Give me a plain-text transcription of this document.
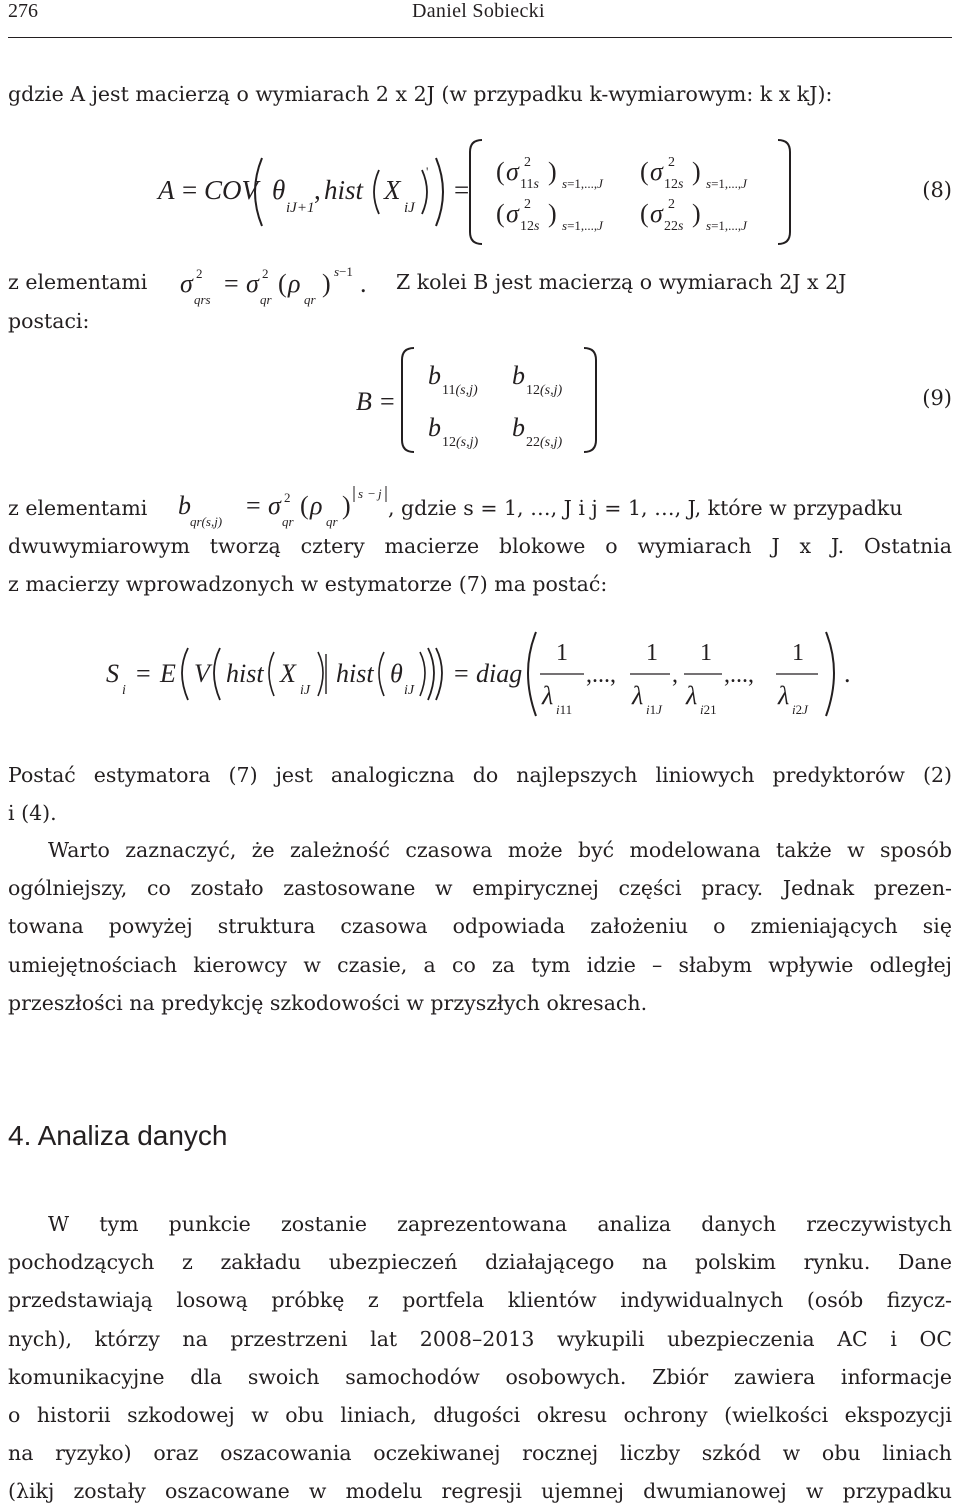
276	Daniel Sobiecki
gdzie A jest macierzą o wymiarach 2 x 2J (w przypadku k-wymiarowym: k x kJ):
A = COV θ
iJ+1
, hist X
iJ
'
=
( σ 2
11s ) s=1,...,J ( σ 2
12s ) s=1,...,J
( σ 2
12s ) s=1,...,J ( σ 2
22s ) s=1,...,J
(8)
z elementami σ 2
qrs
= σ 2
qr
( ρ
qr
) s−1 . Z kolei B jest macierzą o wymiarach 2J x 2J
postaci:
B =
b
11(s,j)
b
12(s,j)
b
12(s,j)
b
22(s,j)
(9)
z elementami b
qr(s,j)
= σ 2
qr
( ρ
qr
) s − j
, gdzie s = 1, …, J i j = 1, …, J, które w przypadku
dwuwymiarowym tworzą cztery macierze blokowe o wymiarach J x J. Ostatnia
z macierzy wprowadzonych w estymatorze (7) ma postać:
S
i
= E V hist X
iJ
hist θ
iJ
= diag
1
λ i11
,...,
1
λ i1J
,
1
λ i21
,...,
1
λ i2J
.
Postać estymatora (7) jest analogiczna do najlepszych liniowych predyktorów (2)
i (4).
Warto zaznaczyć, że zależność czasowa może być modelowana także w sposób
ogólniejszy, co zostało zastosowane w empirycznej części pracy. Jednak prezen-
towana powyżej struktura czasowa odpowiada założeniu o zmieniających się
umiejętnościach kierowcy w czasie, a co za tym idzie – słabym wpływie odległej
przeszłości na predykcję szkodowości w przyszłych okresach.
4. Analiza danych
W tym punkcie zostanie zaprezentowana analiza danych rzeczywistych
pochodzących z zakładu ubezpieczeń działającego na polskim rynku. Dane
przedstawiają losową próbkę z portfela klientów indywidualnych (osób fizycz-
nych), którzy na przestrzeni lat 2008–2013 wykupili ubezpieczenia AC i OC
komunikacyjne dla swoich samochodów osobowych. Zbiór zawiera informacje
o historii szkodowej w obu liniach, długości okresu ochrony (wielkości ekspozycji
na ryzyko) oraz oszacowania oczekiwanej rocznej liczby szkód w obu liniach
(λikj zostały oszacowane w modelu regresji ujemnej dwumianowej w przypadku
